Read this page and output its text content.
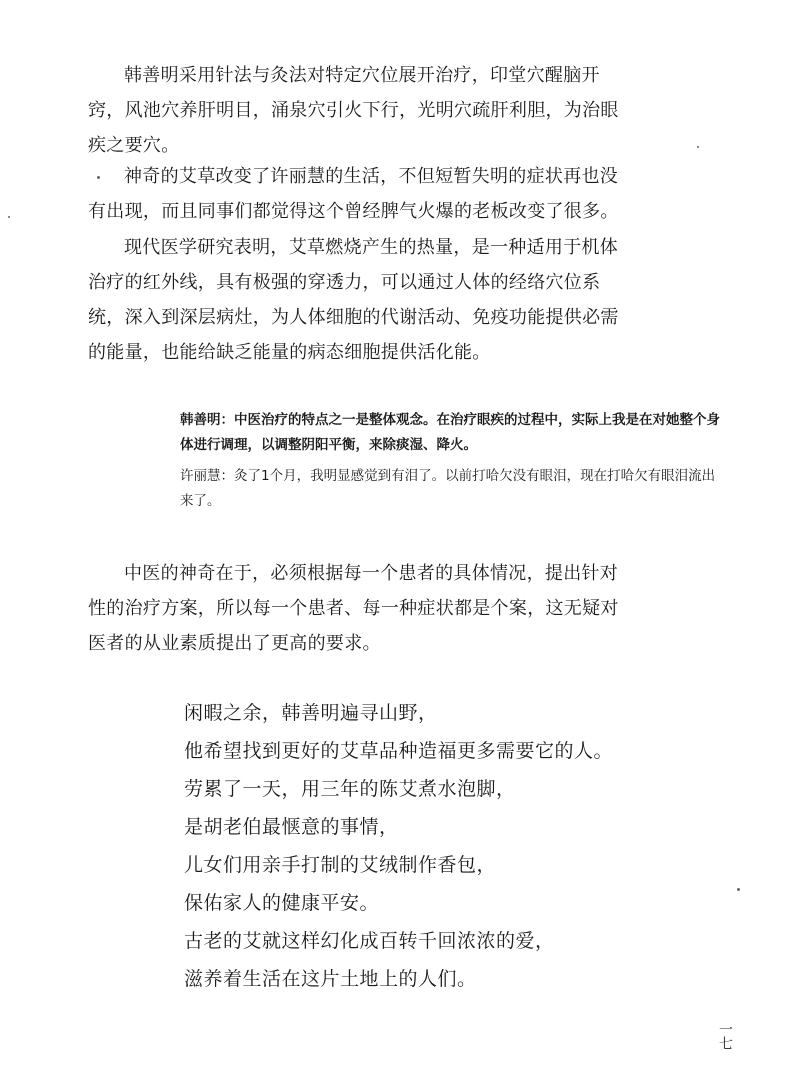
韩善明采用针法与灸法对特定穴位展开治疗，印堂穴醒脑开窍，风池穴养肝明目，涌泉穴引火下行，光明穴疏肝利胆，为治眼疾之要穴。

神奇的艾草改变了许丽慧的生活，不但短暂失明的症状再也没有出现，而且同事们都觉得这个曾经脾气火爆的老板改变了很多。

现代医学研究表明，艾草燃烧产生的热量，是一种适用于机体治疗的红外线，具有极强的穿透力，可以通过人体的经络穴位系统，深入到深层病灶，为人体细胞的代谢活动、免疫功能提供必需的能量，也能给缺乏能量的病态细胞提供活化能。

韩善明：中医治疗的特点之一是整体观念。在治疗眼疾的过程中，实际上我是在对她整个身体进行调理，以调整阴阳平衡，来除痰湿、降火。

许丽慧：灸了1个月，我明显感觉到有泪了。以前打哈欠没有眼泪，现在打哈欠有眼泪流出来了。

中医的神奇在于，必须根据每一个患者的具体情况，提出针对性的治疗方案，所以每一个患者、每一种症状都是个案，这无疑对医者的从业素质提出了更高的要求。

闲暇之余，韩善明遍寻山野，

他希望找到更好的艾草品种造福更多需要它的人。

劳累了一天，用三年的陈艾煮水泡脚，

是胡老伯最惬意的事情，

儿女们用亲手打制的艾绒制作香包，

保佑家人的健康平安。

古老的艾就这样幻化成百转千回浓浓的爱，

滋养着生活在这片土地上的人们。

一七
